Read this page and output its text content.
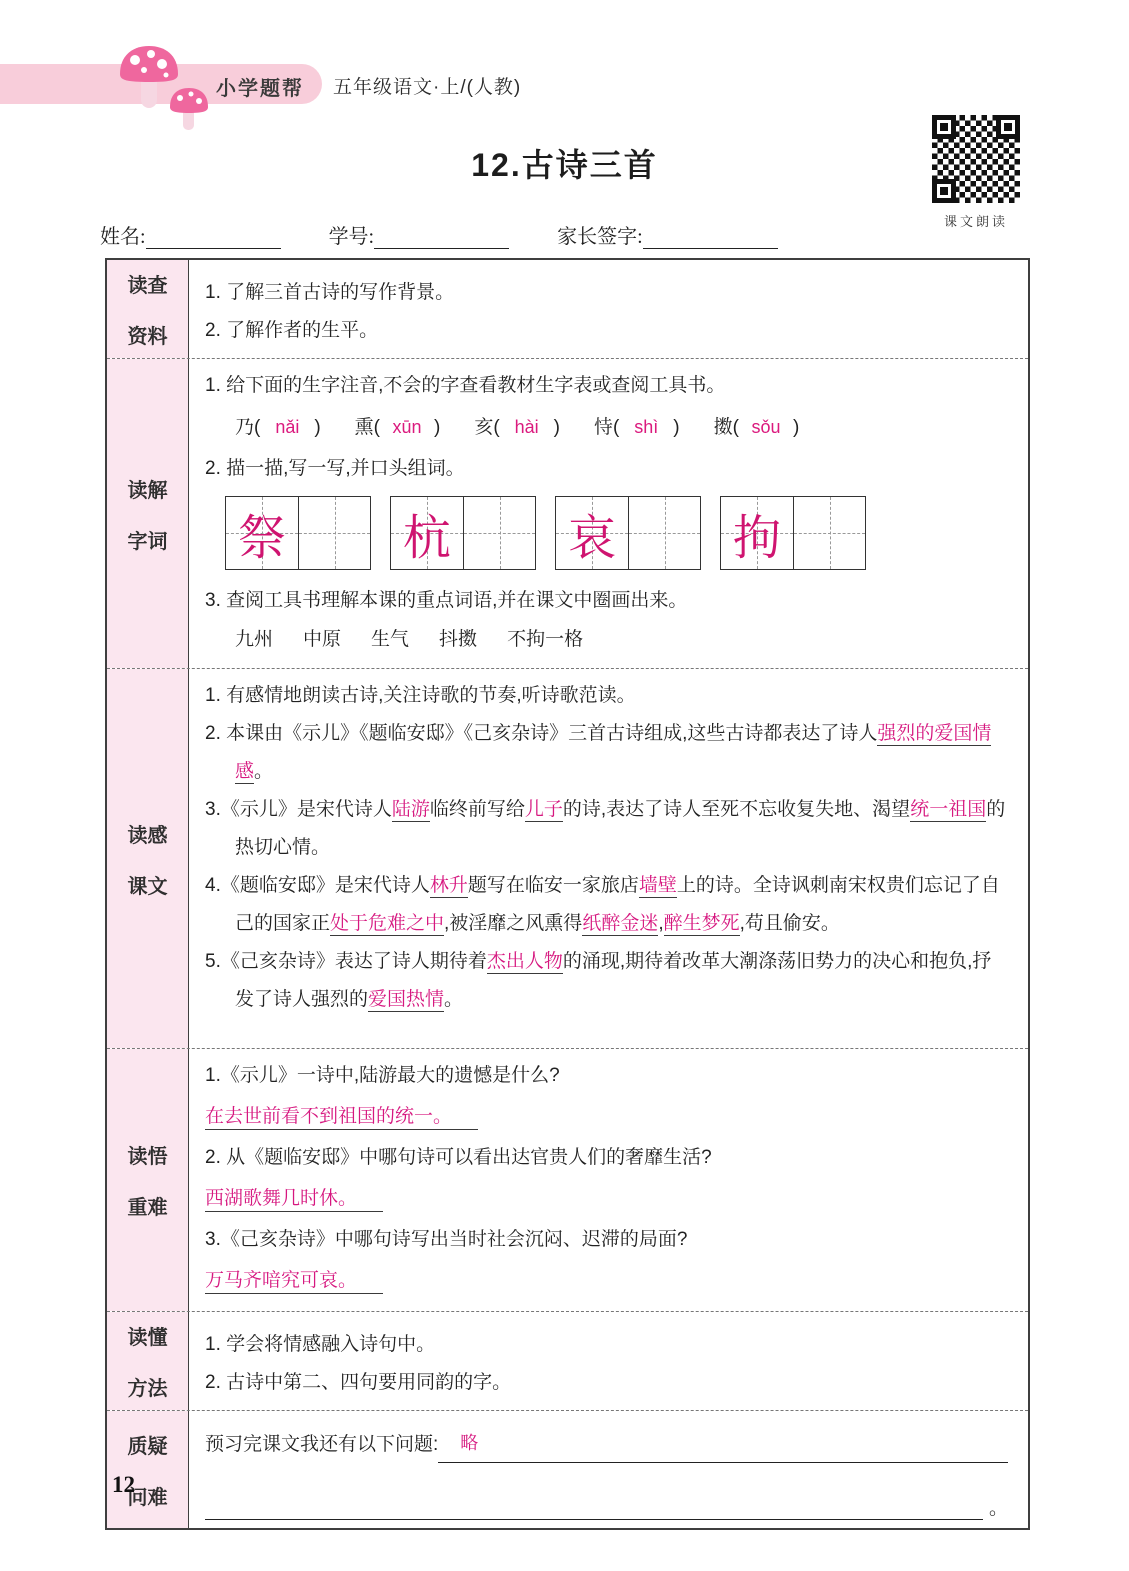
小学题帮 五年级语文·上/(人教)
12.古诗三首
课文朗读
姓名:	学号:	家长签字:
读查
资料

1. 了解三首古诗的写作背景。

2. 了解作者的生平。

读解
字词

1. 给下面的生字注音,不会的字查看教材生字表或查阅工具书。

乃( nǎi ) 熏( xūn ) 亥( hài ) 恃( shì ) 擞( sǒu )

2. 描一描,写一写,并口头组词。

祭 杭 哀 拘

3. 查阅工具书理解本课的重点词语,并在课文中圈画出来。

九州 中原 生气 抖擞 不拘一格
读感
课文

1. 有感情地朗读古诗,关注诗歌的节奏,听诗歌范读。

2. 本课由《示儿》《题临安邸》《己亥杂诗》三首古诗组成,这些古诗都表达了诗人强烈的爱国情感。

3.《示儿》是宋代诗人陆游临终前写给儿子的诗,表达了诗人至死不忘收复失地、渴望统一祖国的热切心情。

4.《题临安邸》是宋代诗人林升题写在临安一家旅店墙壁上的诗。全诗讽刺南宋权贵们忘记了自己的国家正处于危难之中,被淫靡之风熏得纸醉金迷,醉生梦死,苟且偷安。

5.《己亥杂诗》表达了诗人期待着杰出人物的涌现,期待着改革大潮涤荡旧势力的决心和抱负,抒发了诗人强烈的爱国热情。

读悟
重难

1.《示儿》一诗中,陆游最大的遗憾是什么?

在去世前看不到祖国的统一。

2. 从《题临安邸》中哪句诗可以看出达官贵人们的奢靡生活?

西湖歌舞几时休。

3.《己亥杂诗》中哪句诗写出当时社会沉闷、迟滞的局面?

万马齐喑究可哀。

读懂
方法

1. 学会将情感融入诗句中。

2. 古诗中第二、四句要用同韵的字。

质疑
问难
预习完课文我还有以下问题:	略
。
12
